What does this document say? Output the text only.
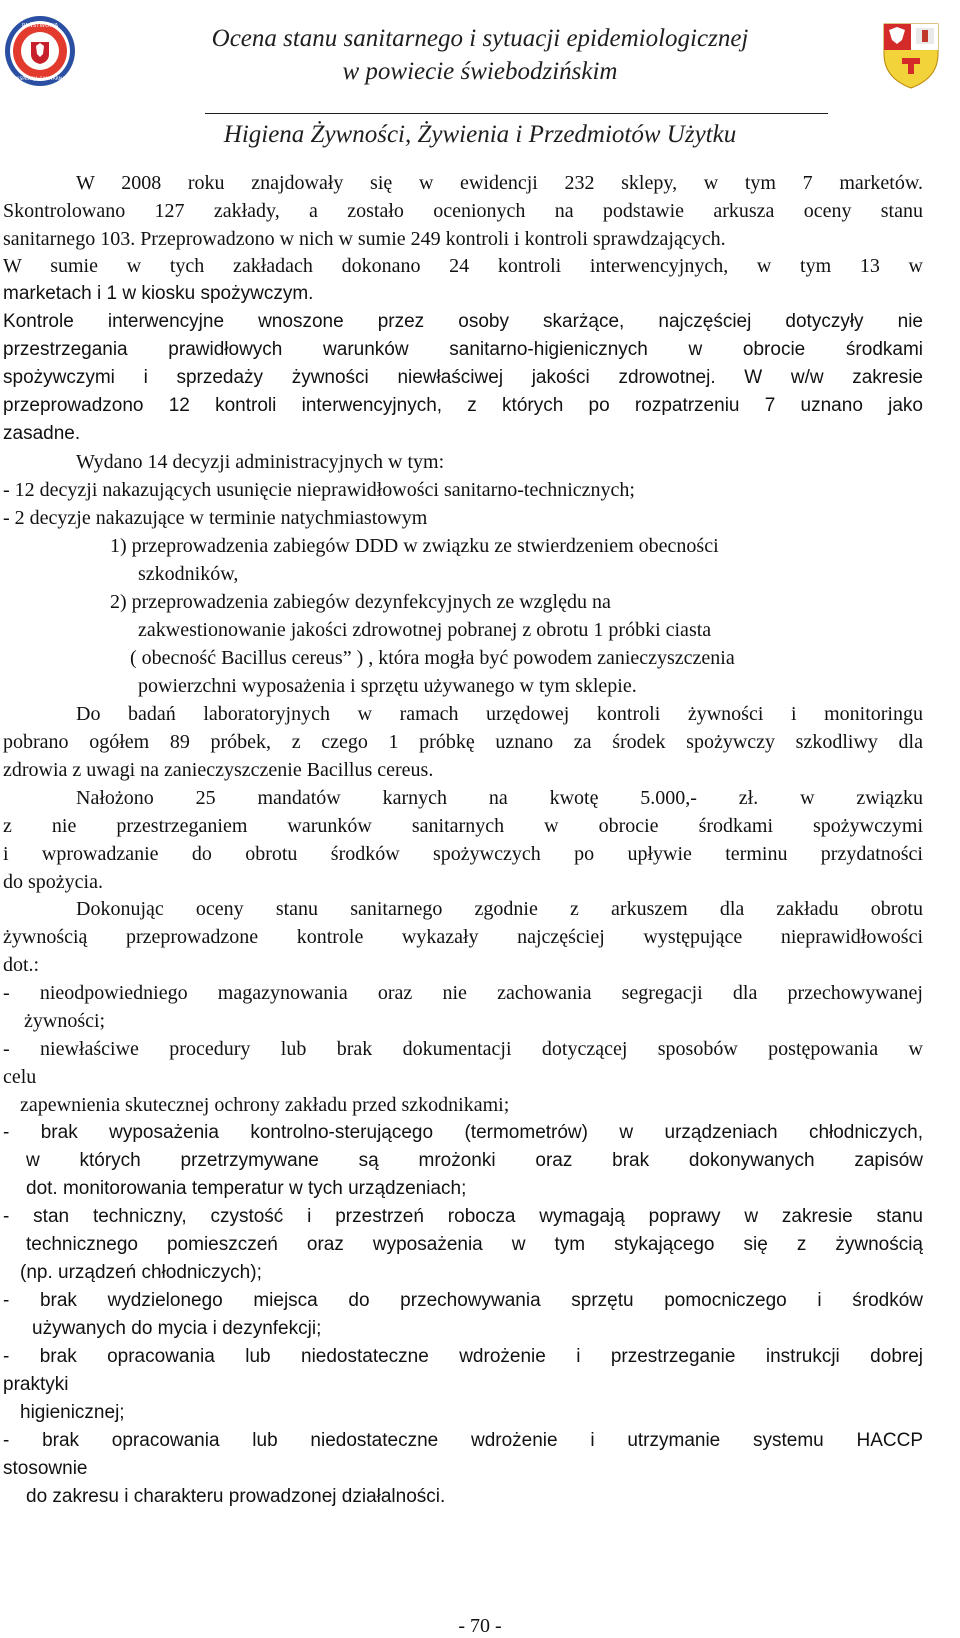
PAŃSTWOWA
INSPEKCJA SANITARNA
Ocena stanu sanitarnego i sytuacji epidemiologicznej
w powiecie świebodzińskim
Higiena Żywności, Żywienia i Przedmiotów Użytku
W 2008 roku znajdowały się w ewidencji 232 sklepy, w tym 7 marketów.
Skontrolowano 127 zakłady, a zostało ocenionych na podstawie arkusza oceny stanu
sanitarnego 103. Przeprowadzono w nich w sumie 249 kontroli i kontroli sprawdzających.
W sumie w tych zakładach dokonano 24 kontroli interwencyjnych, w tym 13 w
marketach i 1 w kiosku spożywczym.
Kontrole interwencyjne wnoszone przez osoby skarżące, najczęściej dotyczyły nie
przestrzegania prawidłowych warunków sanitarno-higienicznych w obrocie środkami
spożywczymi i sprzedaży żywności niewłaściwej jakości zdrowotnej. W w/w zakresie
przeprowadzono 12 kontroli interwencyjnych, z których po rozpatrzeniu 7 uznano jako
zasadne.
Wydano 14 decyzji administracyjnych w tym:
- 12 decyzji nakazujących usunięcie nieprawidłowości sanitarno-technicznych;
- 2 decyzje nakazujące w terminie natychmiastowym
1) przeprowadzenia zabiegów DDD w związku ze stwierdzeniem obecności
szkodników,
2) przeprowadzenia zabiegów dezynfekcyjnych ze względu na
zakwestionowanie jakości zdrowotnej pobranej z obrotu 1 próbki ciasta
( obecność Bacillus cereus” ) , która mogła być powodem zanieczyszczenia
powierzchni wyposażenia i sprzętu używanego w tym sklepie.
Do badań laboratoryjnych w ramach urzędowej kontroli żywności i monitoringu
pobrano ogółem 89 próbek, z czego 1 próbkę uznano za środek spożywczy szkodliwy dla
zdrowia z uwagi na zanieczyszczenie Bacillus cereus.
Nałożono 25 mandatów karnych na kwotę 5.000,- zł. w związku
z nie przestrzeganiem warunków sanitarnych w obrocie środkami spożywczymi
i wprowadzanie do obrotu środków spożywczych po upływie terminu przydatności
do spożycia.
Dokonując oceny stanu sanitarnego zgodnie z arkuszem dla zakładu obrotu
żywnością przeprowadzone kontrole wykazały najczęściej występujące nieprawidłowości
dot.:
- nieodpowiedniego magazynowania oraz nie zachowania segregacji dla przechowywanej
żywności;
- niewłaściwe procedury lub brak dokumentacji dotyczącej sposobów postępowania w
celu
zapewnienia skutecznej ochrony zakładu przed szkodnikami;
- brak wyposażenia kontrolno-sterującego (termometrów) w urządzeniach chłodniczych,
w których przetrzymywane są mrożonki oraz brak dokonywanych zapisów
dot. monitorowania temperatur w tych urządzeniach;
- stan techniczny, czystość i przestrzeń robocza wymagają poprawy w zakresie stanu
technicznego pomieszczeń oraz wyposażenia w tym stykającego się z żywnością
(np. urządzeń chłodniczych);
- brak wydzielonego miejsca do przechowywania sprzętu pomocniczego i środków
używanych do mycia i dezynfekcji;
- brak opracowania lub niedostateczne wdrożenie i przestrzeganie instrukcji dobrej
praktyki
higienicznej;
- brak opracowania lub niedostateczne wdrożenie i utrzymanie systemu HACCP
stosownie
do zakresu i charakteru prowadzonej działalności.
- 70 -
